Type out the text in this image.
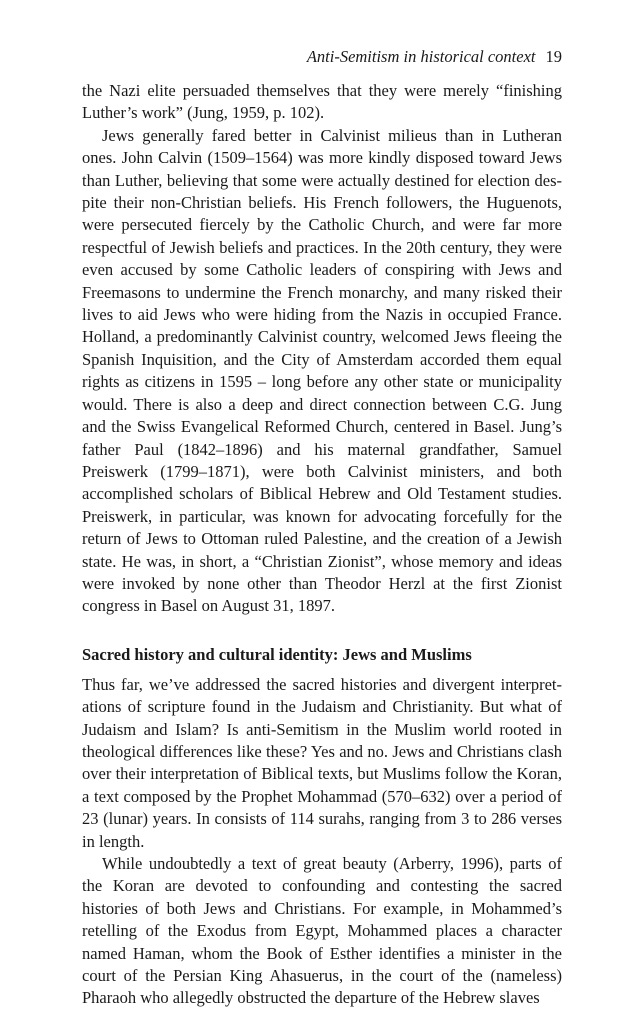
Anti-Semitism in historical context 19

the Nazi elite persuaded themselves that they were merely “finishing Luther’s work” (Jung, 1959, p. 102).

Jews generally fared better in Calvinist milieus than in Lutheran ones. John Calvin (1509–1564) was more kindly disposed toward Jews than Luther, believing that some were actually destined for election despite their non-Christian beliefs. His French followers, the Huguenots, were persecuted fiercely by the Catholic Church, and were far more respectful of Jewish beliefs and practices. In the 20th century, they were even accused by some Catholic leaders of conspiring with Jews and Freemasons to undermine the French monarchy, and many risked their lives to aid Jews who were hiding from the Nazis in occupied France. Holland, a predominantly Calvinist country, welcomed Jews fleeing the Spanish Inquisition, and the City of Amsterdam accorded them equal rights as citizens in 1595 – long before any other state or municipality would. There is also a deep and direct connection between C.G. Jung and the Swiss Evangelical Reformed Church, centered in Basel. Jung’s father Paul (1842–1896) and his maternal grandfather, Samuel Preiswerk (1799–1871), were both Calvinist ministers, and both accomplished scholars of Biblical Hebrew and Old Testament studies. Preiswerk, in particular, was known for advocating forcefully for the return of Jews to Ottoman ruled Palestine, and the creation of a Jewish state. He was, in short, a “Christian Zionist”, whose memory and ideas were invoked by none other than Theodor Herzl at the first Zionist congress in Basel on August 31, 1897.

Sacred history and cultural identity: Jews and Muslims

Thus far, we’ve addressed the sacred histories and divergent interpretations of scripture found in the Judaism and Christianity. But what of Judaism and Islam? Is anti-Semitism in the Muslim world rooted in theological differences like these? Yes and no. Jews and Christians clash over their interpretation of Biblical texts, but Muslims follow the Koran, a text composed by the Prophet Mohammad (570–632) over a period of 23 (lunar) years. In consists of 114 surahs, ranging from 3 to 286 verses in length.

While undoubtedly a text of great beauty (Arberry, 1996), parts of the Koran are devoted to confounding and contesting the sacred histories of both Jews and Christians. For example, in Mohammed’s retelling of the Exodus from Egypt, Mohammed places a character named Haman, whom the Book of Esther identifies a minister in the court of the Persian King Ahasuerus, in the court of the (nameless) Pharaoh who allegedly obstructed the departure of the Hebrew slaves
